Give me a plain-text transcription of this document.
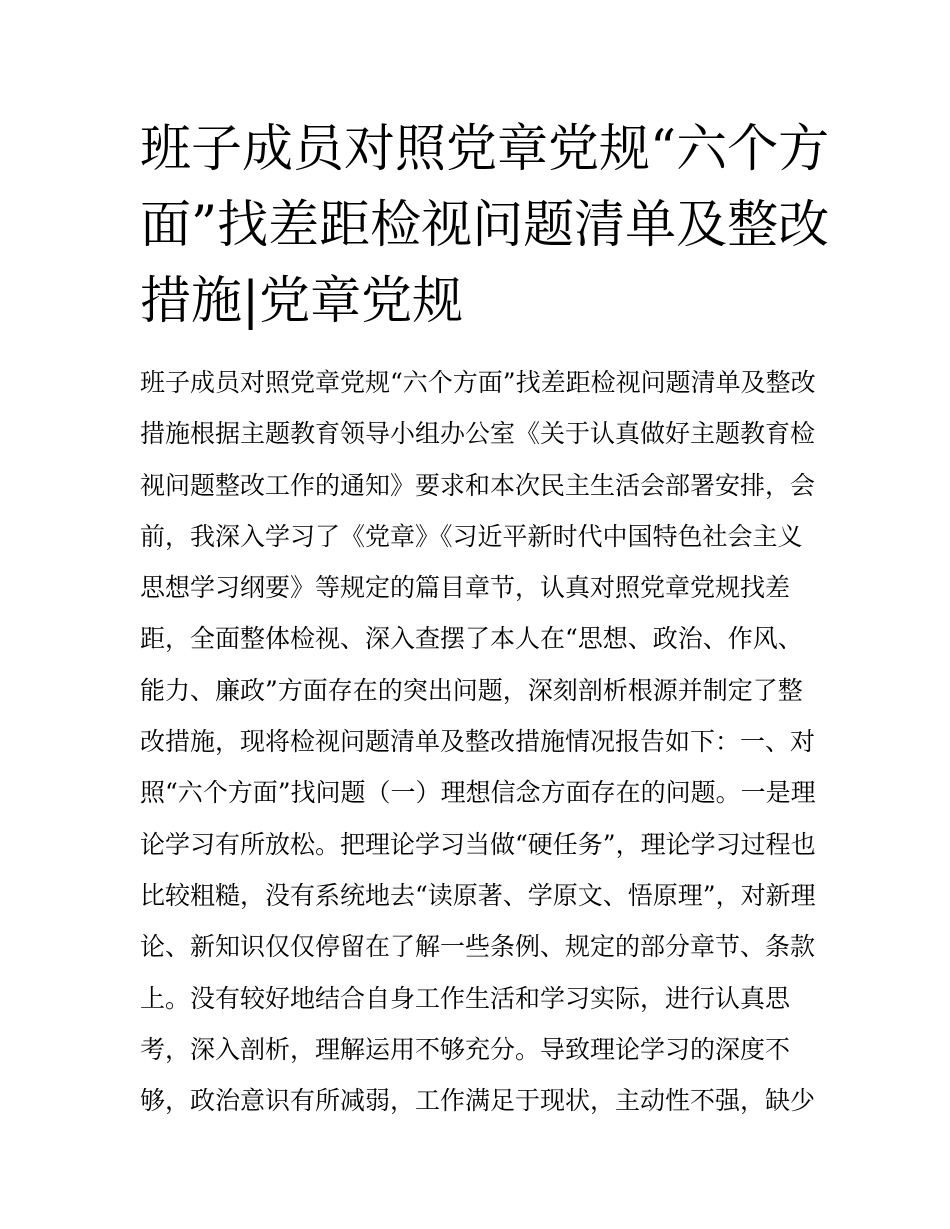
班子成员对照党章党规“六个方
面”找差距检视问题清单及整改
措施|党章党规
班子成员对照党章党规“六个方面”找差距检视问题清单及整改
措施根据主题教育领导小组办公室《关于认真做好主题教育检
视问题整改工作的通知》要求和本次民主生活会部署安排，会
前，我深入学习了《党章》《习近平新时代中国特色社会主义
思想学习纲要》等规定的篇目章节，认真对照党章党规找差
距，全面整体检视、深入查摆了本人在“思想、政治、作风、
能力、廉政”方面存在的突出问题，深刻剖析根源并制定了整
改措施，现将检视问题清单及整改措施情况报告如下：一、对
照“六个方面”找问题（一）理想信念方面存在的问题。一是理
论学习有所放松。把理论学习当做“硬任务”，理论学习过程也
比较粗糙，没有系统地去“读原著、学原文、悟原理”，对新理
论、新知识仅仅停留在了解一些条例、规定的部分章节、条款
上。没有较好地结合自身工作生活和学习实际，进行认真思
考，深入剖析，理解运用不够充分。导致理论学习的深度不
够，政治意识有所减弱，工作满足于现状，主动性不强，缺少
